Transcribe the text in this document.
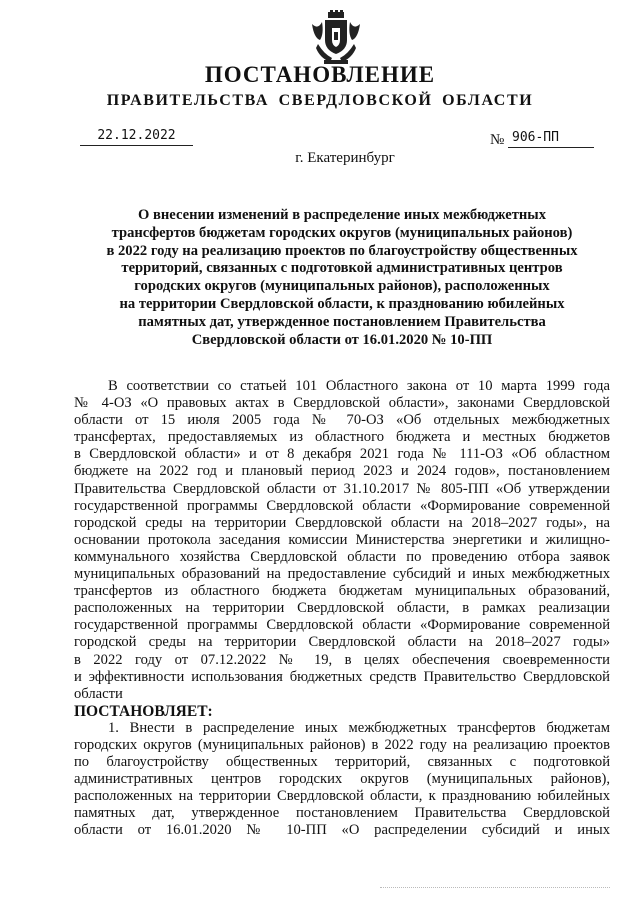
ПОСТАНОВЛЕНИЕ
ПРАВИТЕЛЬСТВА СВЕРДЛОВСКОЙ ОБЛАСТИ
22.12.2022	№ 906-ПП
г. Екатеринбург
О внесении изменений в распределение иных межбюджетных
трансфертов бюджетам городских округов (муниципальных районов)
в 2022 году на реализацию проектов по благоустройству общественных
территорий, связанных с подготовкой административных центров
городских округов (муниципальных районов), расположенных
на территории Свердловской области, к празднованию юбилейных
памятных дат, утвержденное постановлением Правительства
Свердловской области от 16.01.2020 № 10-ПП
В соответствии со статьей 101 Областного закона от 10 марта 1999 года
№ 4-ОЗ «О правовых актах в Свердловской области», законами Свердловской
области от 15 июля 2005 года № 70-ОЗ «Об отдельных межбюджетных
трансфертах, предоставляемых из областного бюджета и местных бюджетов
в Свердловской области» и от 8 декабря 2021 года № 111-ОЗ «Об областном
бюджете на 2022 год и плановый период 2023 и 2024 годов», постановлением
Правительства Свердловской области от 31.10.2017 № 805-ПП «Об утверждении
государственной программы Свердловской области «Формирование современной
городской среды на территории Свердловской области на 2018–2027 годы», на
основании протокола заседания комиссии Министерства энергетики и жилищно-
коммунального хозяйства Свердловской области по проведению отбора заявок
муниципальных образований на предоставление субсидий и иных межбюджетных
трансфертов из областного бюджета бюджетам муниципальных образований,
расположенных на территории Свердловской области, в рамках реализации
государственной программы Свердловской области «Формирование современной
городской среды на территории Свердловской области на 2018–2027 годы»
в 2022 году от 07.12.2022 № 19, в целях обеспечения своевременности
и эффективности использования бюджетных средств Правительство Свердловской
области
ПОСТАНОВЛЯЕТ:
1. Внести в распределение иных межбюджетных трансфертов бюджетам
городских округов (муниципальных районов) в 2022 году на реализацию проектов
по благоустройству общественных территорий, связанных с подготовкой
административных центров городских округов (муниципальных районов),
расположенных на территории Свердловской области, к празднованию юбилейных
памятных дат, утвержденное постановлением Правительства Свердловской
области от 16.01.2020 № 10-ПП «О распределении субсидий и иных
